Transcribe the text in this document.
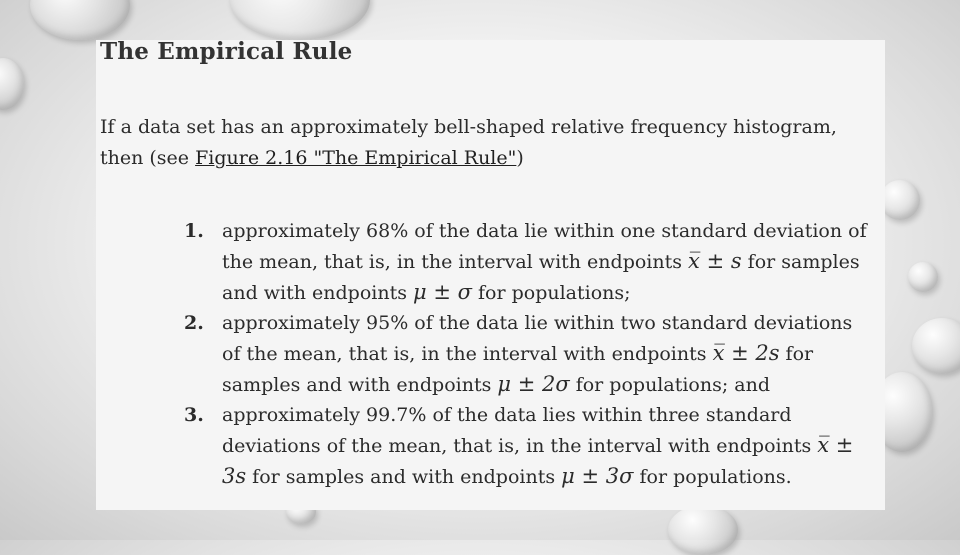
The Empirical Rule
If a data set has an approximately bell-shaped relative frequency histogram, then (see Figure 2.16 "The Empirical Rule")
1. approximately 68% of the data lie within one standard deviation of the mean, that is, in the interval with endpoints x̅ ± s for samples and with endpoints μ ± σ for populations;
2. approximately 95% of the data lie within two standard deviations of the mean, that is, in the interval with endpoints x̅ ± 2s for samples and with endpoints μ ± 2σ for populations; and
3. approximately 99.7% of the data lies within three standard deviations of the mean, that is, in the interval with endpoints x̅ ± 3s for samples and with endpoints μ ± 3σ for populations.
